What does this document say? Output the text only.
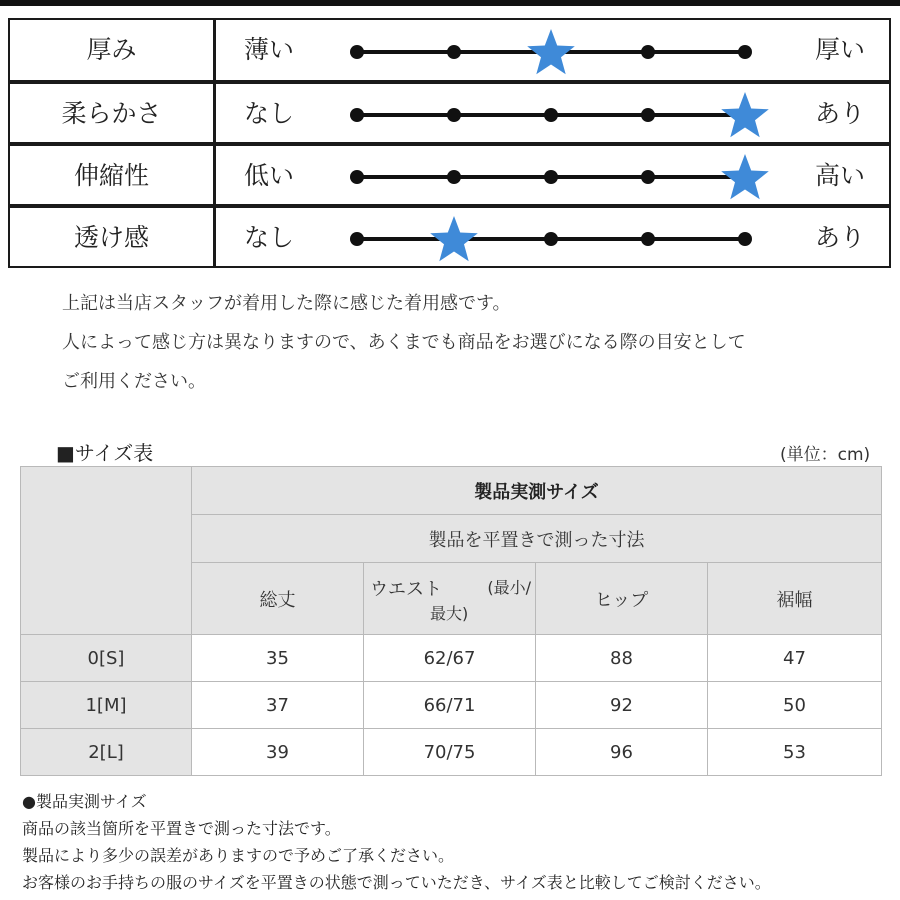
厚み	薄い	厚い
柔らかさ	なし	あり
伸縮性	低い	高い
透け感	なし	あり
上記は当店スタッフが着用した際に感じた着用感です。
人によって感じ方は異なりますので、あくまでも商品をお選びになる際の目安として
ご利用ください。
■サイズ表	(単位：cm)
	製品実測サイズ			
	製品を平置きで測った寸法			
	総丈	ウエスト (最小/
最大)	ヒップ	裾幅
0[S]	35	62/67	88	47
1[M]	37	66/71	92	50
2[L]	39	70/75	96	53
●製品実測サイズ
商品の該当箇所を平置きで測った寸法です。
製品により多少の誤差がありますので予めご了承ください。
お客様のお手持ちの服のサイズを平置きの状態で測っていただき、サイズ表と比較してご検討ください。
